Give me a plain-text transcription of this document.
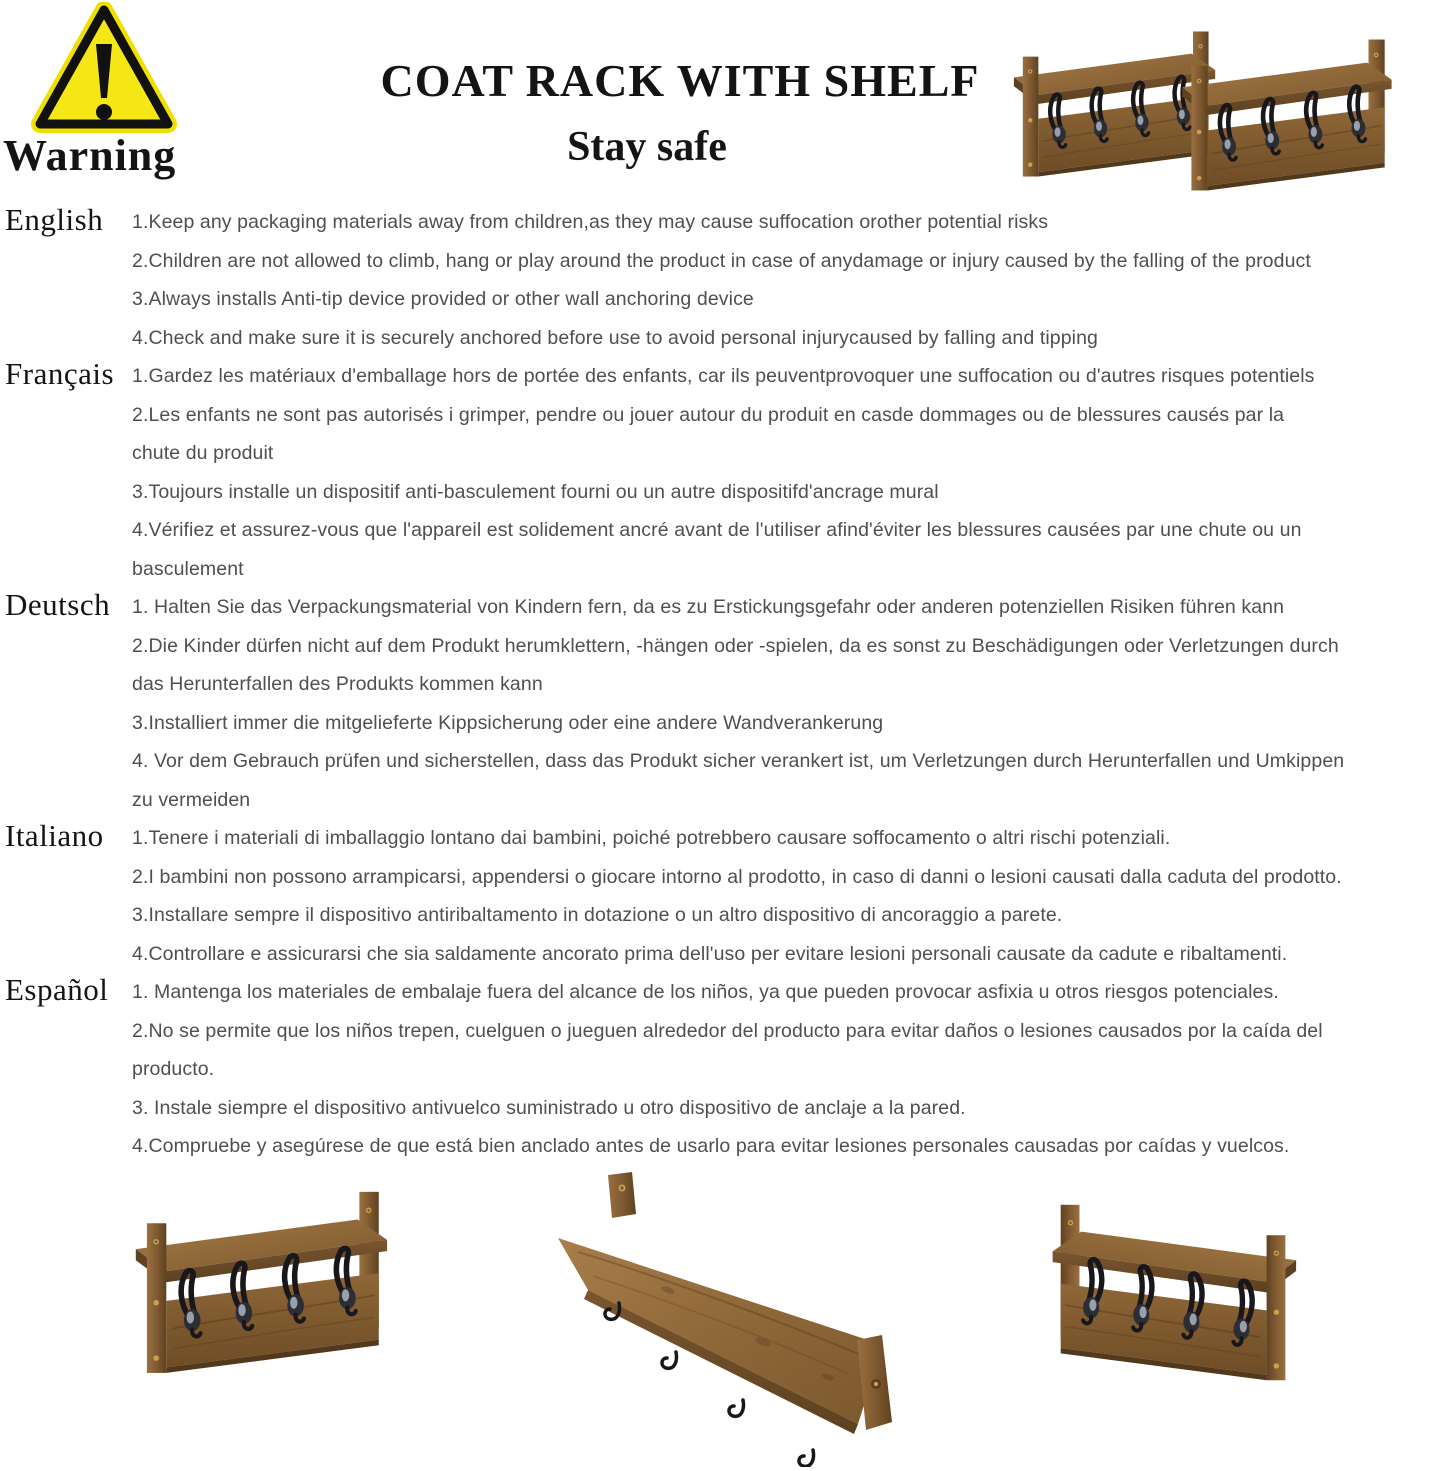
Warning
COAT RACK WITH SHELF
Stay safe
English	1.Keep any packaging materials away from children,as they may cause suffocation orother potential risks
2.Children are not allowed to climb, hang or play around the product in case of anydamage or injury caused by the falling of the product
3.Always installs Anti-tip device provided or other wall anchoring device
4.Check and make sure it is securely anchored before use to avoid personal injurycaused by falling and tipping
Français 1.Gardez les matériaux d'emballage hors de portée des enfants, car ils peuventprovoquer une suffocation ou d'autres risques potentiels
2.Les enfants ne sont pas autorisés i grimper, pendre ou jouer autour du produit en casde dommages ou de blessures causés par la
chute du produit
3.Toujours installe un dispositif anti-basculement fourni ou un autre dispositifd'ancrage mural
4.Vérifiez et assurez-vous que l'appareil est solidement ancré avant de l'utiliser afind'éviter les blessures causées par une chute ou un
basculement
Deutsch	1. Halten Sie das Verpackungsmaterial von Kindern fern, da es zu Erstickungsgefahr oder anderen potenziellen Risiken führen kann
2.Die Kinder dürfen nicht auf dem Produkt herumklettern, -hängen oder -spielen, da es sonst zu Beschädigungen oder Verletzungen durch
das Herunterfallen des Produkts kommen kann
3.Installiert immer die mitgelieferte Kippsicherung oder eine andere Wandverankerung
4. Vor dem Gebrauch prüfen und sicherstellen, dass das Produkt sicher verankert ist, um Verletzungen durch Herunterfallen und Umkippen
zu vermeiden
Italiano	1.Tenere i materiali di imballaggio lontano dai bambini, poiché potrebbero causare soffocamento o altri rischi potenziali.
2.I bambini non possono arrampicarsi, appendersi o giocare intorno al prodotto, in caso di danni o lesioni causati dalla caduta del prodotto.
3.Installare sempre il dispositivo antiribaltamento in dotazione o un altro dispositivo di ancoraggio a parete.
4.Controllare e assicurarsi che sia saldamente ancorato prima dell'uso per evitare lesioni personali causate da cadute e ribaltamenti.
Español	1. Mantenga los materiales de embalaje fuera del alcance de los niños, ya que pueden provocar asfixia u otros riesgos potenciales.
2.No se permite que los niños trepen, cuelguen o jueguen alrededor del producto para evitar daños o lesiones causados por la caída del
producto.
3. Instale siempre el dispositivo antivuelco suministrado u otro dispositivo de anclaje a la pared.
4.Compruebe y asegúrese de que está bien anclado antes de usarlo para evitar lesiones personales causadas por caídas y vuelcos.
